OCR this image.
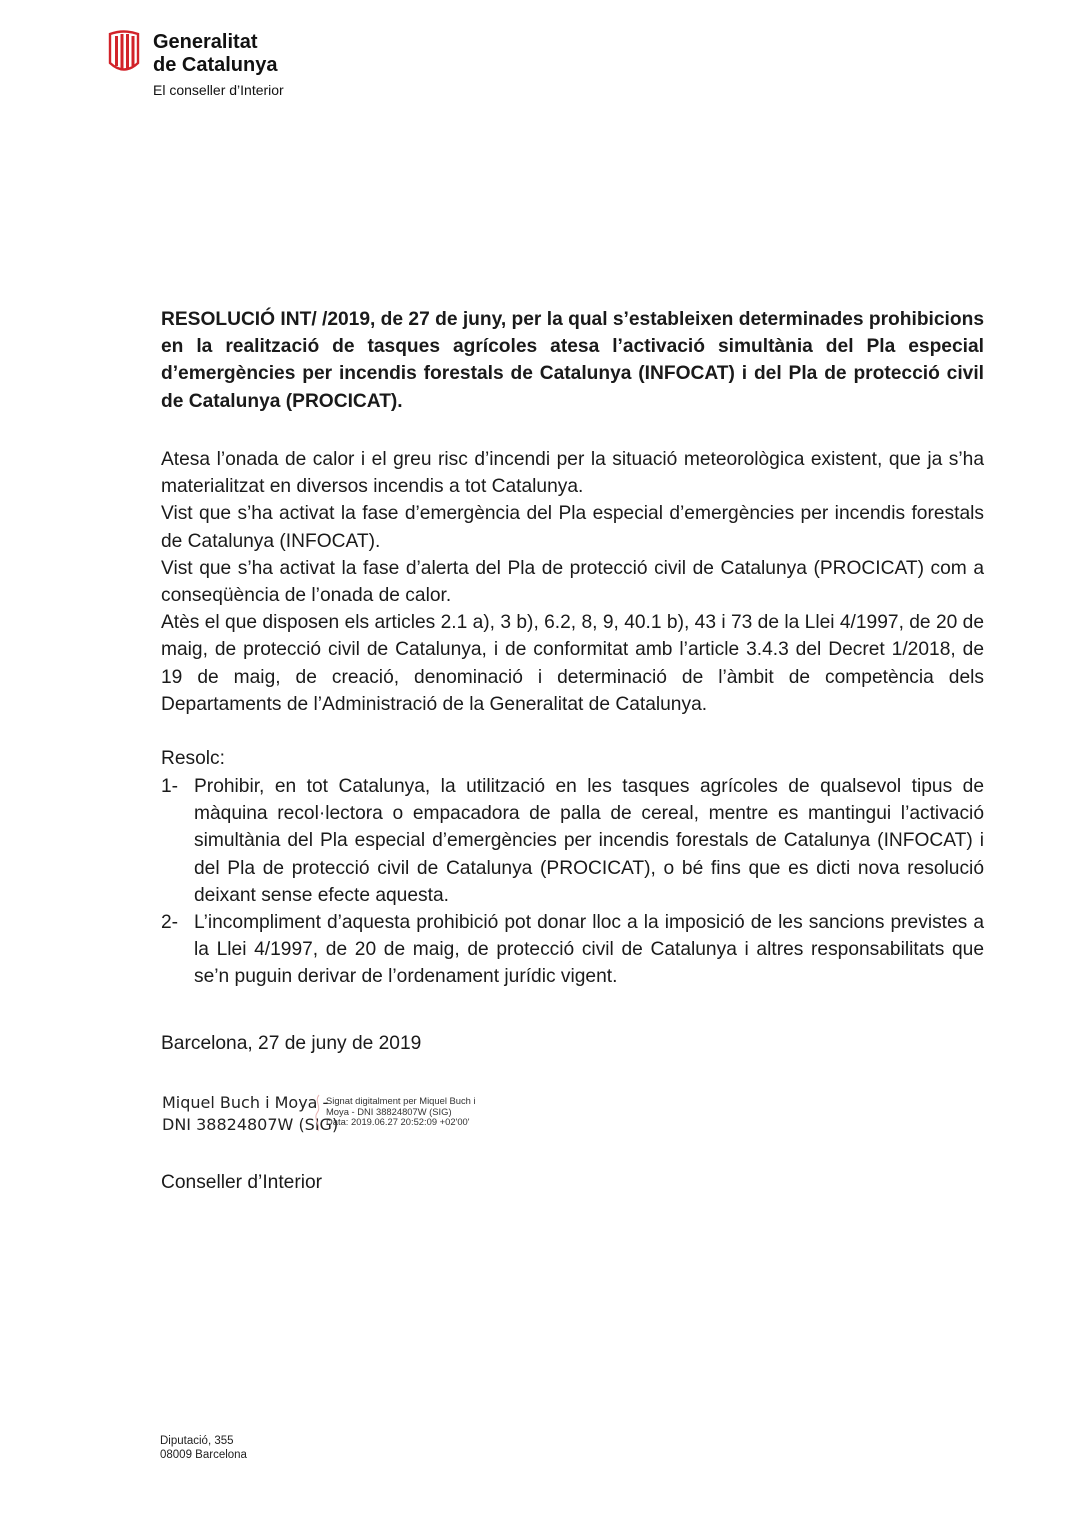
Generalitat
de Catalunya
El conseller d’Interior
RESOLUCIÓ INT/ /2019, de 27 de juny, per la qual s’estableixen determinades prohibicions en la realització de tasques agrícoles atesa l’activació simultània del Pla especial d’emergències per incendis forestals de Catalunya (INFOCAT) i del Pla de protecció civil de Catalunya (PROCICAT).

Atesa l’onada de calor i el greu risc d’incendi per la situació meteorològica existent, que ja s’ha materialitzat en diversos incendis a tot Catalunya.

Vist que s’ha activat la fase d’emergència del Pla especial d’emergències per incendis forestals de Catalunya (INFOCAT).

Vist que s’ha activat la fase d’alerta del Pla de protecció civil de Catalunya (PROCICAT) com a conseqüència de l’onada de calor.

Atès el que disposen els articles 2.1 a), 3 b), 6.2, 8, 9, 40.1 b), 43 i 73 de la Llei 4/1997, de 20 de maig, de protecció civil de Catalunya, i de conformitat amb l’article 3.4.3 del Decret 1/2018, de 19 de maig, de creació, denominació i determinació de l’àmbit de competència dels Departaments de l’Administració de la Generalitat de Catalunya.

Resolc:
1- Prohibir, en tot Catalunya, la utilització en les tasques agrícoles de qualsevol tipus de màquina recol·lectora o empacadora de palla de cereal, mentre es mantingui l’activació simultània del Pla especial d’emergències per incendis forestals de Catalunya (INFOCAT) i del Pla de protecció civil de Catalunya (PROCICAT), o bé fins que es dicti nova resolució deixant sense efecte aquesta.
2- L’incompliment d’aquesta prohibició pot donar lloc a la imposició de les sancions previstes a la Llei 4/1997, de 20 de maig, de protecció civil de Catalunya i altres responsabilitats que se’n puguin derivar de l’ordenament jurídic vigent.
Barcelona, 27 de juny de 2019
Miquel Buch i Moya -
DNI 38824807W (SIG)
Signat digitalment per Miquel Buch i
Moya - DNI 38824807W (SIG)
Data: 2019.06.27 20:52:09 +02'00'
Conseller d’Interior
Diputació, 355
08009 Barcelona
